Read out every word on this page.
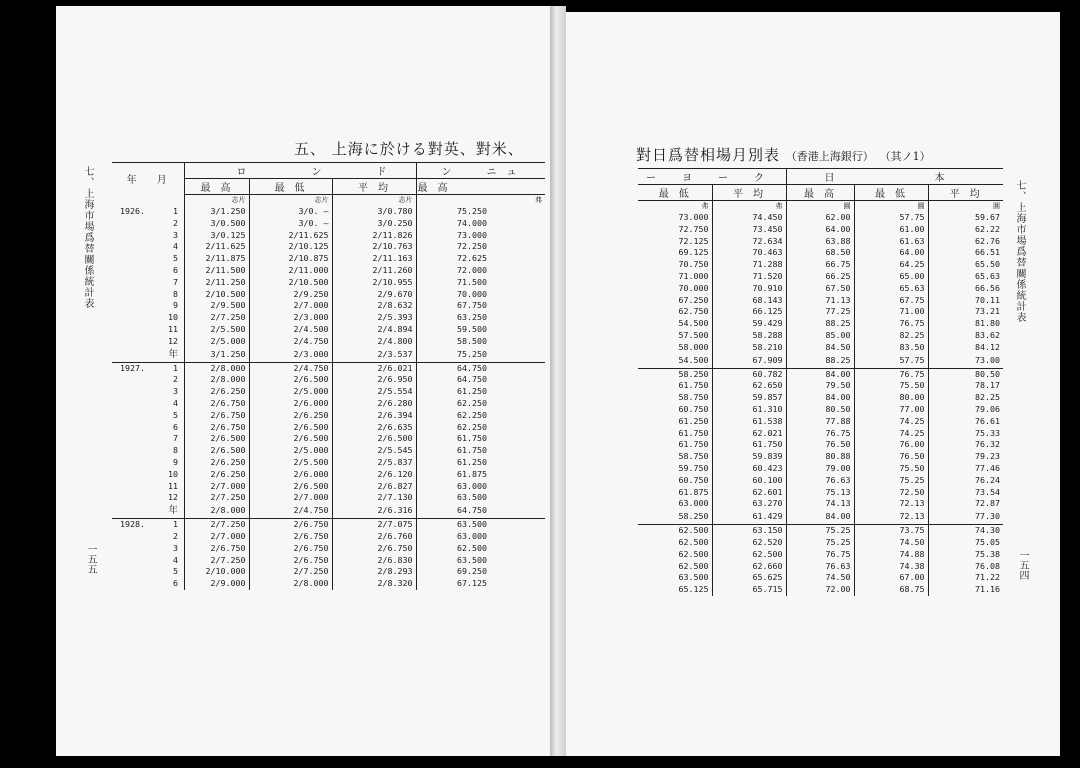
五、 上海に於ける對英、對米、
七、上海市場爲替關係統計表
一五五
年　　月	ロ ン ド ン			ニ ュ	
	最　高	最　低	平　均	最　高	
	志片	志片	志片	弗	
1926. 1	3/1.250	3/0. —	3/0.780	75.250	
2	3/0.500	3/0. —	3/0.250	74.000	
3	3/0.125	2/11.625	2/11.826	73.000	
4	2/11.625	2/10.125	2/10.763	72.250	
5	2/11.875	2/10.875	2/11.163	72.625	
6	2/11.500	2/11.000	2/11.260	72.000	
7	2/11.250	2/10.500	2/10.955	71.500	
8	2/10.500	2/9.250	2/9.670	70.000	
9	2/9.500	2/7.000	2/8.632	67.750	
10	2/7.250	2/3.000	2/5.393	63.250	
11	2/5.500	2/4.500	2/4.894	59.500	
12	2/5.000	2/4.750	2/4.800	58.500	
年	3/1.250	2/3.000	2/3.537	75.250	
1927. 1	2/8.000	2/4.750	2/6.021	64.750	
2	2/8.000	2/6.500	2/6.950	64.750	
3	2/6.250	2/5.000	2/5.554	61.250	
4	2/6.750	2/6.000	2/6.280	62.250	
5	2/6.750	2/6.250	2/6.394	62.250	
6	2/6.750	2/6.500	2/6.635	62.250	
7	2/6.500	2/6.500	2/6.500	61.750	
8	2/6.500	2/5.000	2/5.545	61.750	
9	2/6.250	2/5.500	2/5.837	61.250	
10	2/6.250	2/6.000	2/6.120	61.875	
11	2/7.000	2/6.500	2/6.827	63.000	
12	2/7.250	2/7.000	2/7.130	63.500	
年	2/8.000	2/4.750	2/6.316	64.750	
1928. 1	2/7.250	2/6.750	2/7.075	63.500	
2	2/7.000	2/6.750	2/6.760	63.000	
3	2/6.750	2/6.750	2/6.750	62.500	
4	2/7.250	2/6.750	2/6.830	63.500	
5	2/10.000	2/7.250	2/8.293	69.250	
6	2/9.000	2/8.000	2/8.320	67.125	
對日爲替相場月別表 （香港上海銀行） （其ノ1）
七、上海市場爲替關係統計表
一五四
ー ヨ ー ク		日 本		
最　低	平　均	最　高	最　低	平　均
弗	弗	圓	圓	圓
73.000	74.450	62.00	57.75	59.67
72.750	73.450	64.00	61.00	62.22
72.125	72.634	63.88	61.63	62.76
69.125	70.463	68.50	64.00	66.51
70.750	71.288	66.75	64.25	65.50
71.000	71.520	66.25	65.00	65.63
70.000	70.910	67.50	65.63	66.56
67.250	68.143	71.13	67.75	70.11
62.750	66.125	77.25	71.00	73.21
54.500	59.429	88.25	76.75	81.80
57.500	58.288	85.00	82.25	83.62
58.000	58.210	84.50	83.50	84.12
54.500	67.909	88.25	57.75	73.00
58.250	60.782	84.00	76.75	80.50
61.750	62.650	79.50	75.50	78.17
58.750	59.857	84.00	80.00	82.25
60.750	61.310	80.50	77.00	79.06
61.250	61.538	77.88	74.25	76.61
61.750	62.021	76.75	74.25	75.33
61.750	61.750	76.50	76.00	76.32
58.750	59.839	80.88	76.50	79.23
59.750	60.423	79.00	75.50	77.46
60.750	60.100	76.63	75.25	76.24
61.875	62.601	75.13	72.50	73.54
63.000	63.270	74.13	72.13	72.87
58.250	61.429	84.00	72.13	77.30
62.500	63.150	75.25	73.75	74.30
62.500	62.520	75.25	74.50	75.05
62.500	62.500	76.75	74.88	75.38
62.500	62.660	76.63	74.38	76.08
63.500	65.625	74.50	67.00	71.22
65.125	65.715	72.00	68.75	71.16
